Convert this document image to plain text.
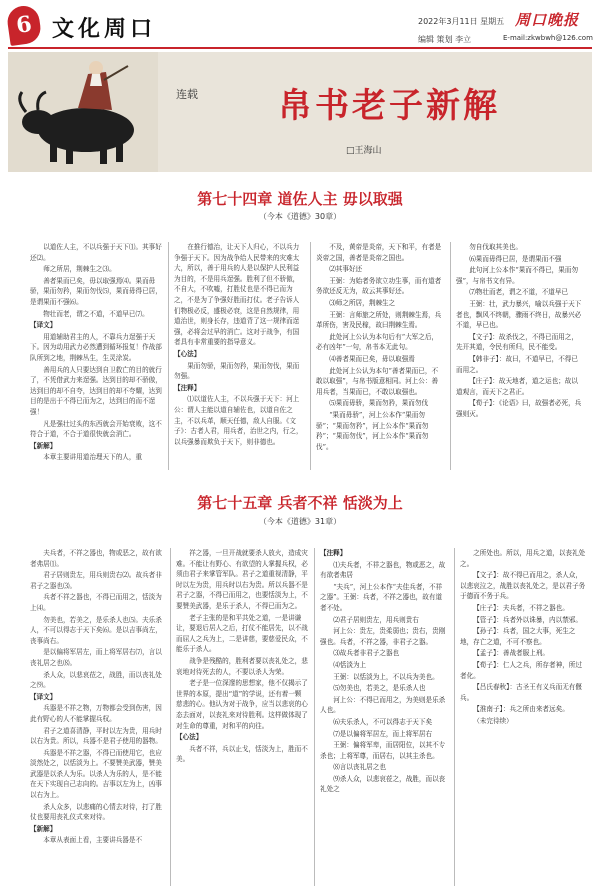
6 文化周口	2022年3月11日 星期五
编辑 策划 李立
周口晚报
E-mail:zkwbwh@126.com
连载 帛书老子新解
□王海山
第七十四章 道佐人主 毋以取强
（今本《道德》30章）

以道佐人主，不以兵强于天下⑴。其事好还⑵。

师之所居，荆棘生之⑶。

善者果而已矣，毋以取强焉⑷。果而毋骄，果而勿矜，果而勿伐⑸，果而毋得已居，是谓果而不强⑹。

物壮而老，谓之不道，不道早已⑺。

【译文】

用道辅助君主的人，不靠兵力逞强于天下。因为动用武力必然遭到循环报复！作战部队所到之地，荆棘丛生，生灵涂炭。

善用兵的人只要达到自卫救亡的目的就行了，不凭借武力来逞强。达到目的却不骄傲，达到目的却不自夸，达到目的却不夸耀，达到目的是出于不得已而为之，达到目的而不逞强！

凡是强壮过头的东西就会开始衰败，这不符合于道，不合于道很快就会消亡。

【新解】

本章主要讲用道治理天下的人，重

在推行德治，让天下人归心，不以兵力争强于天下。因为战争给人民带来的灾难太大，所以，善于用兵的人是以保护人民利益为目的，不是用兵逞强。胜利了但不骄傲，不自大，不吹嘘，打胜仗也是不得已而为之，不是为了争强好胜而打仗。老子告诉人们物极必反，盛极必衰，这是自然规律，用道治世，则身长存，违道背了这一规律而逞强，必将会过早的消亡。这对于战争，有国者具有非常重要的指导意义。

【心法】

果而勿骄，果而勿矜，果而勿伐，果而勿强。

【注释】

⑴以道佐人主，不以兵强于天下：河上公：谓人主能以道自辅佐也，以道自佐之主，不以兵革，顺天任德，敌人自服。《文子》：古者人君，用兵者，治世之内，行之，以兵强暴而欺负于天下，则非德也。

不及，黄帝是炎帝，天下和平，有者是炎帝之国，善者是炎帝之国也。

⑵其事好还

王弼：为始者务欲立功生事，而有道者务欲还反无为，故云其事好还。

⑶师之所居，荆棘生之

王弼：言师旅之所处，则荆棘生焉，兵革所伤，害及民稼，故曰荆棘生焉。

此处河上公认为本句后有“大军之后，必有凶年”一句，帛书本无此句。

⑷善者果而已矣，毋以取强焉

此处河上公认为本句“善者果而已，不敢以取强”，与帛书版意相同。河上公：善用兵者，当果而已，不敢以取强也。

⑸果而毋骄，果而勿矜，果而勿伐

“果而毋骄”，河上公本作“果而勿骄”；“果而勿矜”，河上公本作“果而勿矜”；“果而勿伐”，河上公本作“果而勿伐”。

勿自伐取其美也。

⑹果而毋得已居，是谓果而不强

此句河上公本作“果而不得已，果而勿强”，与帛书文有异。

⑺物壮而老，谓之不道，不道早已

王弼：壮，武力暴兴，喻以兵强于天下者也，飘风不终朝，骤雨不终日，故暴兴必不道，早已也。

【文子】：故杀伐之，不得已而用之，先开其道，令民有所归，民不能受。

【韩非子】：故曰，不道早已，不得已而用之。

【庄子】：故天地者，道之运也；故以道观言，而天下之君正。

【荀子】：《论语》曰，故强者必死，兵强则灭。

第七十五章 兵者不祥 恬淡为上
（今本《道德》31章）

夫兵者，不祥之器也，物或恶之，故有欲者弗居⑴。

君子居则贵左，用兵则贵右⑵。故兵者非君子之器也⑶。

兵者不祥之器也，不得已而用之，恬淡为上⑷。

勿美也，若美之，是乐杀人也⑸。夫乐杀人，不可以得志于天下矣⑹。是以吉事尚左，丧事尚右。

是以偏将军居左，而上将军居右⑺，言以丧礼居之也⑻。

杀人众，以悲哀莅之，战胜，而以丧礼处之⑼。

【译文】

兵器是不祥之物，万物都会受到伤害，因此有野心的人不能掌握兵权。

君子之道喜清静，平时以左为贵，用兵时以右为贵。所以，兵器不是君子使用的器物。

兵器是不祥之器，不得已而使用它，也应淡然处之，以恬淡为上。不要赞美武器，赞美武器是以杀人为乐。以杀人为乐的人，是不能在天下实现自己志向的。吉事以左为上，凶事以右为上。

杀人众多，以悲痛的心情去对待，打了胜仗也要用丧礼仪式来对待。

【新解】

本章从表面上看，主要讲兵器是不

祥之器，一旦开战就要杀人放火，造成灾难。不能让有野心、有欲望的人掌握兵权，必须由君子来掌管军队。君子之道重视清静，平时以左为贵，用兵时以右为贵。所以兵器不是君子之器，不得已而用之，也要恬淡为上，不要赞美武器，是乐于杀人，不得已而为之。

老子主张的是和平共处之道，一是讲谦让，要退后居人之后，打仗不能居先，以不战而屈人之兵为上，二是讲慈，要慈爱民众，不能乐于杀人。

战争是残酷的，胜利者要以丧礼处之，悲哀地对待死去的人，不要以杀人为荣。

老子是一位深邃的思想家，他不仅揭示了世界的本原，提出“道”的学说，还有着一颗慈悲的心。他认为对于战争，应当以悲哀的心态去面对，以丧礼来对待胜利。这样做体现了对生命的尊重，对和平的向往。

【心法】

兵者不祥，兵以止戈，恬淡为上，胜而不美。

【注释】

⑴夫兵者，不祥之器也，物或恶之，故有欲者弗居

“夫兵”，河上公本作“夫佳兵者，不祥之器”。王弼：兵者，不祥之器也，故有道者不处。

⑵君子居则贵左，用兵则贵右

河上公：贵左，贵柔弱也；贵右，贵刚强也。兵者，不祥之器，非君子之器。

⑶故兵者非君子之器也

⑷恬淡为上

王弼：以恬淡为上，不以兵为美也。

⑸勿美也，若美之，是乐杀人也

河上公：不得已而用之，为美则是乐杀人也。

⑹夫乐杀人，不可以得志于天下矣

⑺是以偏将军居左，而上将军居右

王弼：偏将军卑，而居阳位，以其不专杀也；上将军尊，而居右，以其主杀也。

⑻言以丧礼居之也

⑼杀人众，以悲哀莅之，战胜，而以丧礼处之

之所处也。所以，用兵之道，以丧礼处之。

【文子】：故不得已而用之，杀人众，以悲哀泣之，战胜以丧礼处之，是以君子务于德而不务于兵。

【庄子】：夫兵者，不祥之器也。

【管子】：兵者外以诛暴，内以禁邪。

【孙子】：兵者，国之大事，死生之地，存亡之道，不可不察也。

【孟子】：善战者服上刑。

【荀子】：仁人之兵，所存者神，所过者化。

【吕氏春秋】：古圣王有义兵而无有偃兵。

【淮南子】：兵之所由来者远矣。

（未完待续）
